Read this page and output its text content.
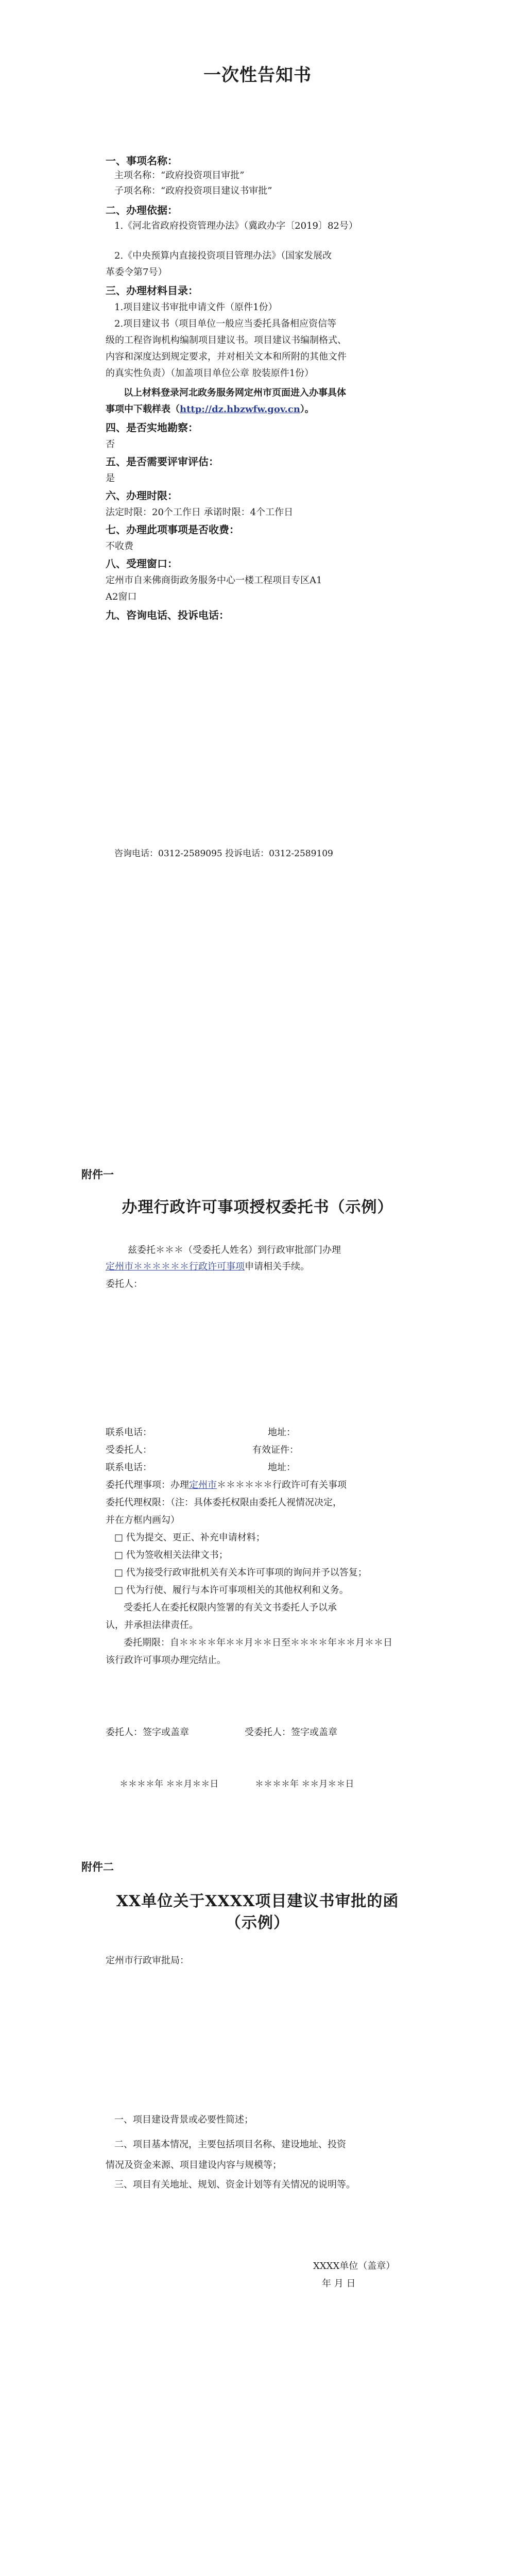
一次性告知书
一、事项名称：
主项名称：“政府投资项目审批”
子项名称：“政府投资项目建议书审批”
二、办理依据：
1.《河北省政府投资管理办法》（冀政办字〔2019〕82号）
2.《中央预算内直接投资项目管理办法》（国家发展改
革委令第7号）
三、办理材料目录：
1.项目建议书审批申请文件（原件1份）
2.项目建议书（项目单位一般应当委托具备相应资信等
级的工程咨询机构编制项目建议书。项目建议书编制格式、
内容和深度达到规定要求，并对相关文本和所附的其他文件
的真实性负责）（加盖项目单位公章 胶装原件1份）
以上材料登录河北政务服务网定州市页面进入办事具体
事项中下载样表（http://dz.hbzwfw.gov.cn）。
四、是否实地勘察：
否
五、是否需要评审评估：
是
六、办理时限：
法定时限：20个工作日 承诺时限：4个工作日
七、办理此项事项是否收费：
不收费
八、受理窗口：
定州市自来佛商街政务服务中心一楼工程项目专区A1
A2窗口
九、咨询电话、投诉电话：
咨询电话：0312-2589095 投诉电话：0312-2589109
附件一
办理行政许可事项授权委托书（示例）
兹委托＊＊＊（受委托人姓名）到行政审批部门办理
定州市＊＊＊＊＊＊行政许可事项申请相关手续。
委托人：
联系电话：	地址：
受委托人：	有效证件：
联系电话：	地址：
委托代理事项：办理定州市＊＊＊＊＊＊行政许可有关事项
委托代理权限：（注：具体委托权限由委托人视情况决定，
并在方框内画勾）
□ 代为提交、更正、补充申请材料；
□ 代为签收相关法律文书；
□ 代为接受行政审批机关有关本许可事项的询问并予以答复；
□ 代为行使、履行与本许可事项相关的其他权利和义务。
受委托人在委托权限内签署的有关文书委托人予以承
认，并承担法律责任。
委托期限：自＊＊＊＊年＊＊月＊＊日至＊＊＊＊年＊＊月＊＊日
该行政许可事项办理完结止。
委托人：签字或盖章	受委托人：签字或盖章
＊＊＊＊年 ＊＊月＊＊日	＊＊＊＊年 ＊＊月＊＊日
附件二
XX单位关于XXXX项目建议书审批的函
（示例）
定州市行政审批局：
一、项目建设背景或必要性简述；
二、项目基本情况，主要包括项目名称、建设地址、投资
情况及资金来源、项目建设内容与规模等；
三、项目有关地址、规划、资金计划等有关情况的说明等。
XXXX单位（盖章）
年 月 日
